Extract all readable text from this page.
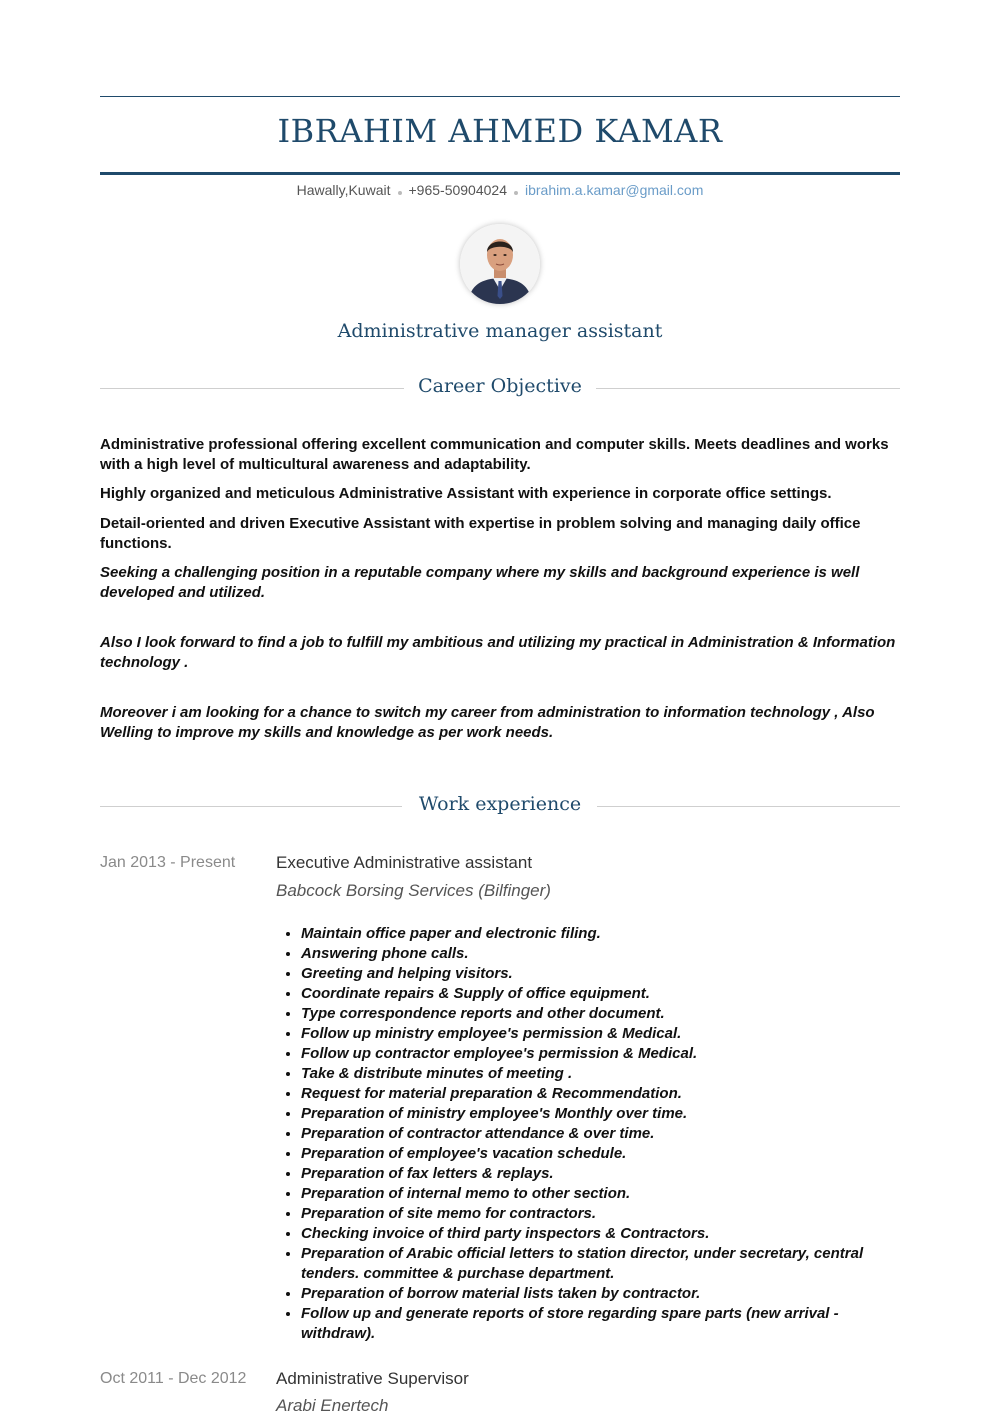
IBRAHIM AHMED KAMAR
Hawally,Kuwait +965-50904024 ibrahim.a.kamar@gmail.com
Administrative manager assistant
Career Objective
Administrative professional offering excellent communication and computer skills. Meets deadlines and works with a high level of multicultural awareness and adaptability.
Highly organized and meticulous Administrative Assistant with experience in corporate office settings.
Detail-oriented and driven Executive Assistant with expertise in problem solving and managing daily office functions.
Seeking a challenging position in a reputable company where my skills and background experience is well developed and utilized.
Also I look forward to find a job to fulfill my ambitious and utilizing my practical in Administration & Information technology .
Moreover i am looking for a chance to switch my career from administration to information technology , Also Welling to improve my skills and knowledge as per work needs.
Work experience
Jan 2013 - Present Executive Administrative assistant
Babcock Borsing Services (Bilfinger)
• Maintain office paper and electronic filing.
• Answering phone calls.
• Greeting and helping visitors.
• Coordinate repairs & Supply of office equipment.
• Type correspondence reports and other document.
• Follow up ministry employee's permission & Medical.
• Follow up contractor employee's permission & Medical.
• Take & distribute minutes of meeting .
• Request for material preparation & Recommendation.
• Preparation of ministry employee's Monthly over time.
• Preparation of contractor attendance & over time.
• Preparation of employee's vacation schedule.
• Preparation of fax letters & replays.
• Preparation of internal memo to other section.
• Preparation of site memo for contractors.
• Checking invoice of third party inspectors & Contractors.
• Preparation of Arabic official letters to station director, under secretary, central tenders. committee & purchase department.
• Preparation of borrow material lists taken by contractor.
• Follow up and generate reports of store regarding spare parts (new arrival - withdraw).
Oct 2011 - Dec 2012 Administrative Supervisor
Arabi Enertech
